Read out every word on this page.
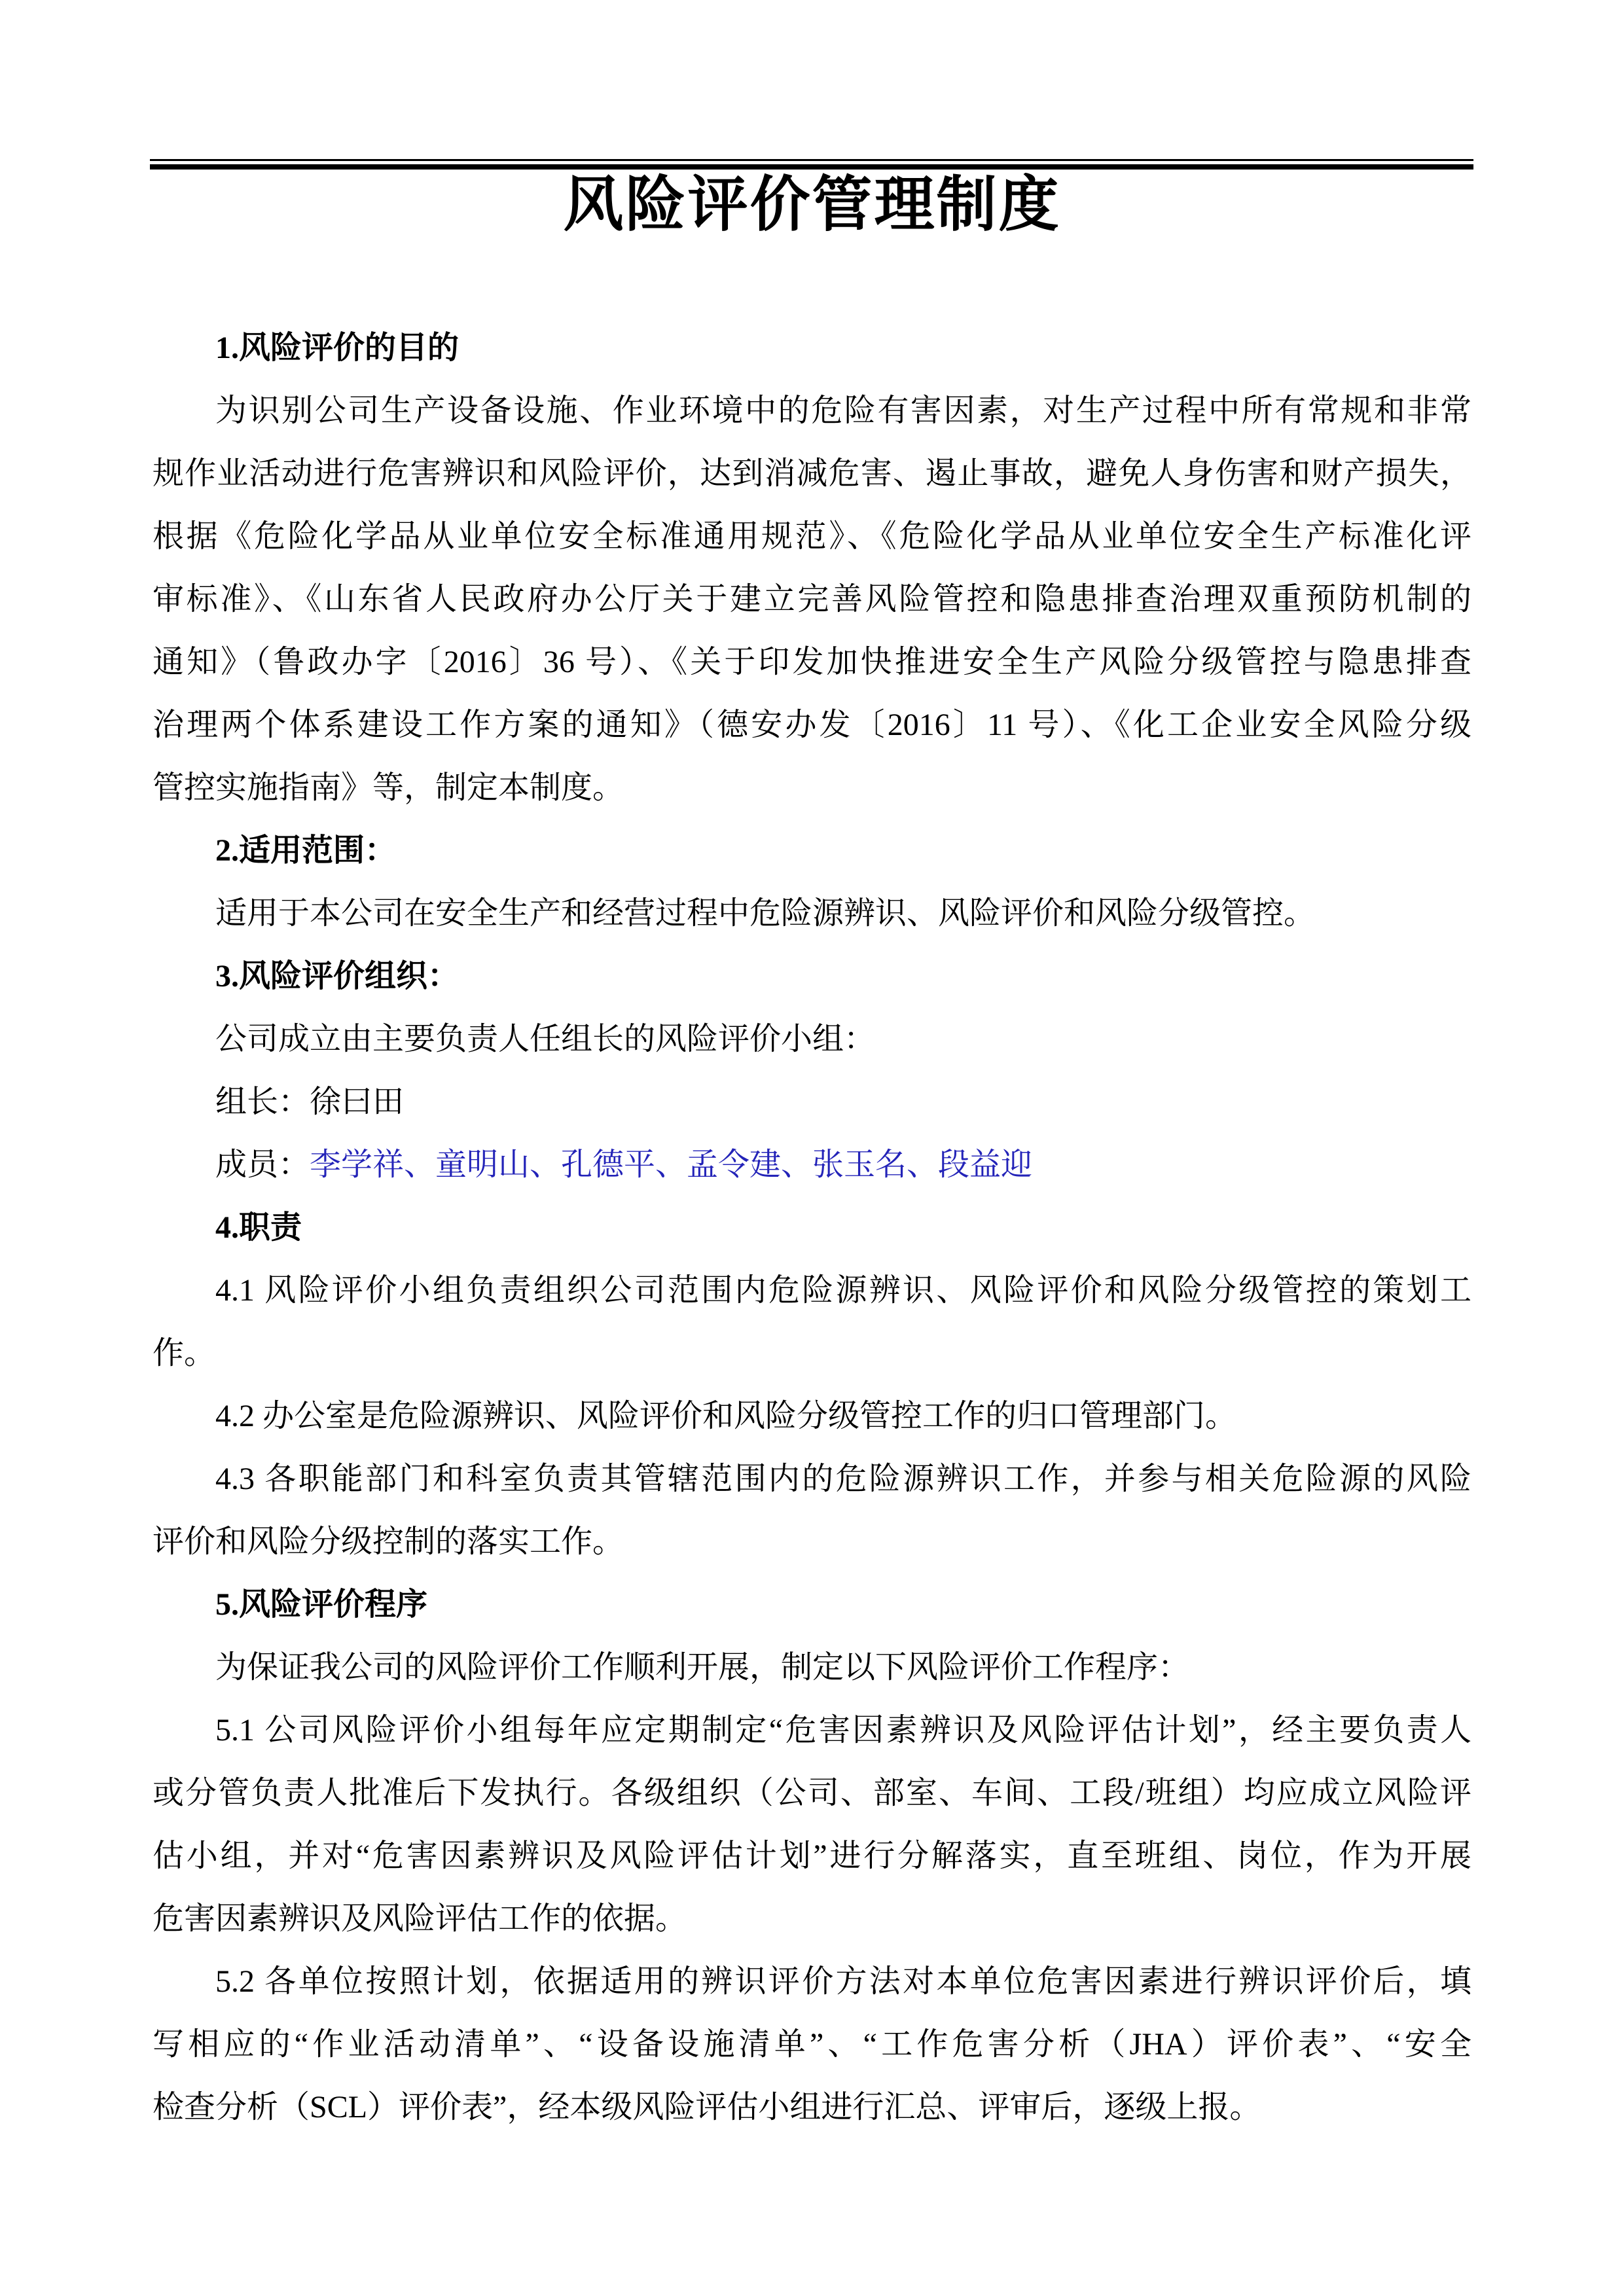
风险评价管理制度
1.风险评价的目的
为识别公司生产设备设施、作业环境中的危险有害因素，对生产过程中所有常规和非常
规作业活动进行危害辨识和风险评价，达到消减危害、遏止事故，避免人身伤害和财产损失，
根据《危险化学品从业单位安全标准通用规范》、《危险化学品从业单位安全生产标准化评
审标准》、《山东省人民政府办公厅关于建立完善风险管控和隐患排查治理双重预防机制的
通知》（鲁政办字〔2016〕36 号）、《关于印发加快推进安全生产风险分级管控与隐患排查
治理两个体系建设工作方案的通知》（德安办发〔2016〕11 号）、《化工企业安全风险分级
管控实施指南》等，制定本制度。
2.适用范围：
适用于本公司在安全生产和经营过程中危险源辨识、风险评价和风险分级管控。
3.风险评价组织：
公司成立由主要负责人任组长的风险评价小组：
组长：徐曰田
成员：李学祥、童明山、孔德平、孟令建、张玉名、段益迎
4.职责
4.1 风险评价小组负责组织公司范围内危险源辨识、风险评价和风险分级管控的策划工
作。
4.2 办公室是危险源辨识、风险评价和风险分级管控工作的归口管理部门。
4.3 各职能部门和科室负责其管辖范围内的危险源辨识工作，并参与相关危险源的风险
评价和风险分级控制的落实工作。
5.风险评价程序
为保证我公司的风险评价工作顺利开展，制定以下风险评价工作程序：
5.1 公司风险评价小组每年应定期制定“危害因素辨识及风险评估计划”，经主要负责人
或分管负责人批准后下发执行。各级组织（公司、部室、车间、工段/班组）均应成立风险评
估小组，并对“危害因素辨识及风险评估计划”进行分解落实，直至班组、岗位，作为开展
危害因素辨识及风险评估工作的依据。
5.2 各单位按照计划，依据适用的辨识评价方法对本单位危害因素进行辨识评价后，填
写相应的“作业活动清单”、“设备设施清单”、“工作危害分析（JHA）评价表”、“安全
检查分析（SCL）评价表”，经本级风险评估小组进行汇总、评审后，逐级上报。
